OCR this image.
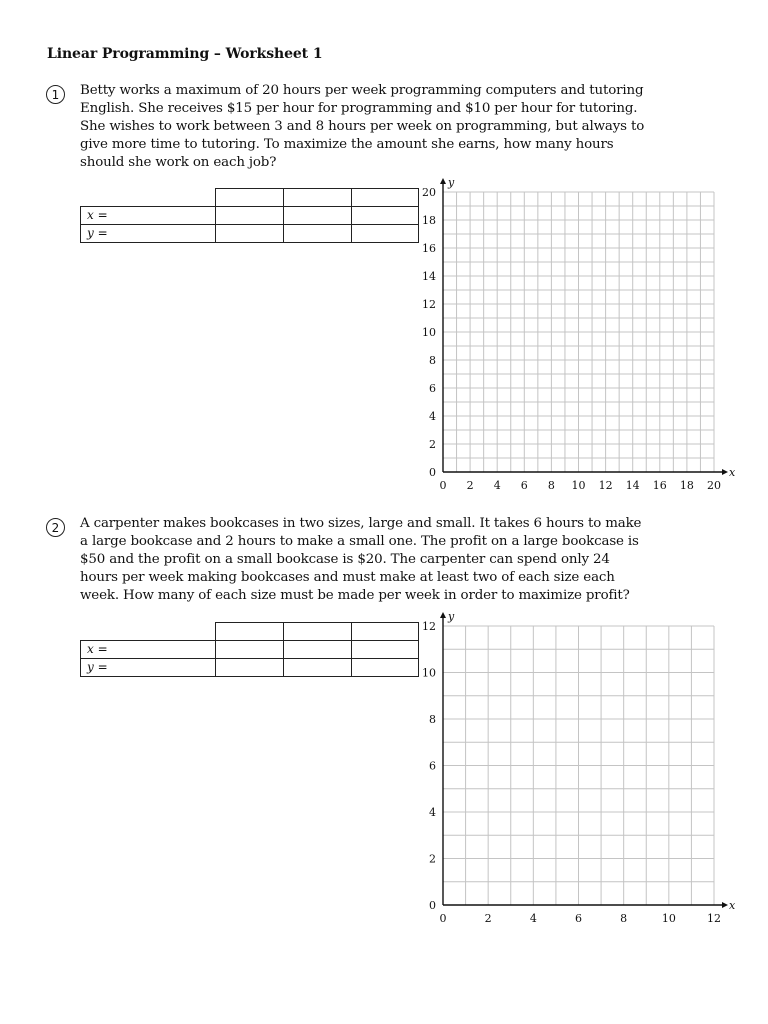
Linear Programming – Worksheet 1
1	Betty works a maximum of 20 hours per week programming computers and tutoring
English. She receives $15 per hour for programming and $10 per hour for tutoring.
She wishes to work between 3 and 8 hours per week on programming, but always to
give more time to tutoring. To maximize the amount she earns, how many hours
should she work on each job?

x =			
y =			
x
y
0 2 4 6 8 10 12 14 16 18 20
0
2
4
6
8
10
12
14
16
18
20
2	A carpenter makes bookcases in two sizes, large and small. It takes 6 hours to make
a large bookcase and 2 hours to make a small one. The profit on a large bookcase is
$50 and the profit on a small bookcase is $20. The carpenter can spend only 24
hours per week making bookcases and must make at least two of each size each
week. How many of each size must be made per week in order to maximize profit?

x =			
y =			
x
y
0	2	4	6	8	10	12
0
2
4
6
8
10
12
